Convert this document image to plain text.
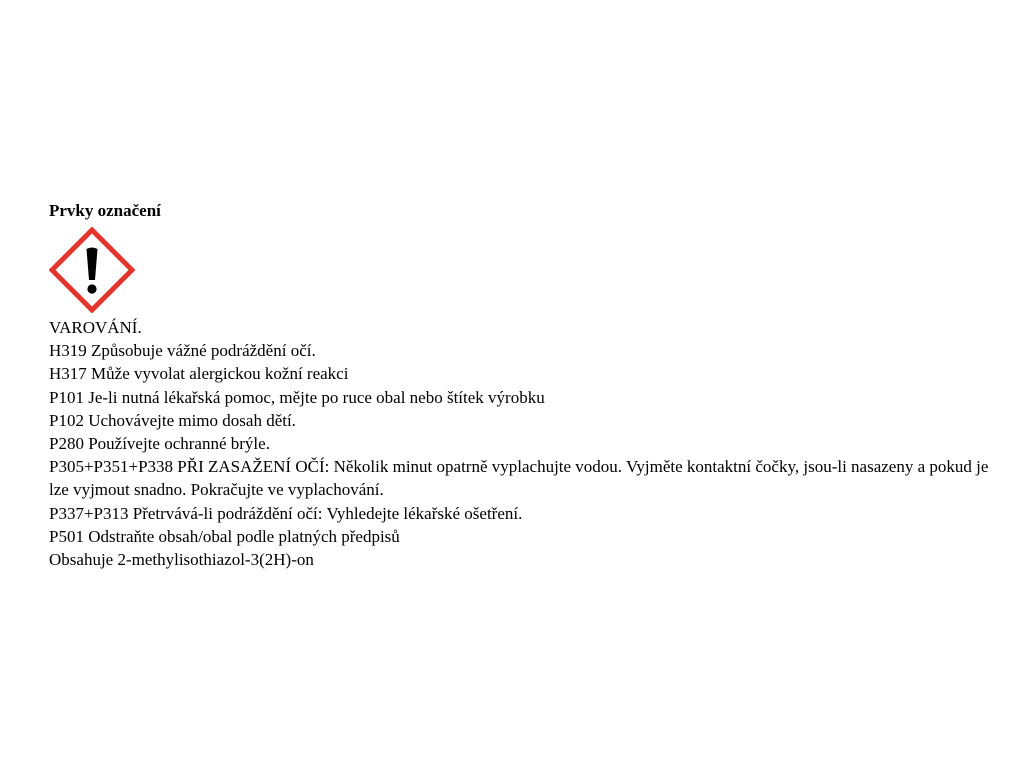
Prvky označení
VAROVÁNÍ.
H319 Způsobuje vážné podráždění očí.
H317 Může vyvolat alergickou kožní reakci
P101 Je-li nutná lékařská pomoc, mějte po ruce obal nebo štítek výrobku
P102 Uchovávejte mimo dosah dětí.
P280 Používejte ochranné brýle.
P305+P351+P338 PŘI ZASAŽENÍ OČÍ: Několik minut opatrně vyplachujte vodou. Vyjměte kontaktní čočky, jsou-li nasazeny a pokud je lze vyjmout snadno. Pokračujte ve vyplachování.
P337+P313 Přetrvává-li podráždění očí: Vyhledejte lékařské ošetření.
P501 Odstraňte obsah/obal podle platných předpisů
Obsahuje 2-methylisothiazol-3(2H)-on
